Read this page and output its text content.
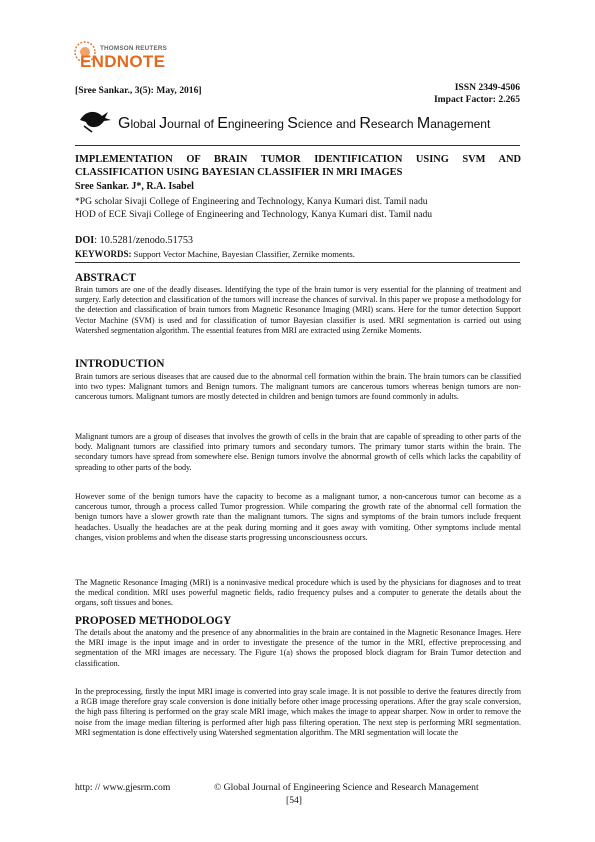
THOMSON REUTERS
ENDNOTE
[Sree Sankar., 3(5): May, 2016]	ISSN 2349-4506
Impact Factor: 2.265
Global Journal of Engineering Science and Research Management
IMPLEMENTATION OF BRAIN TUMOR IDENTIFICATION USING SVM AND CLASSIFICATION USING BAYESIAN CLASSIFIER IN MRI IMAGES
Sree Sankar. J*, R.A. Isabel
*PG scholar Sivaji College of Engineering and Technology, Kanya Kumari dist. Tamil nadu
HOD of ECE Sivaji College of Engineering and Technology, Kanya Kumari dist. Tamil nadu
DOI: 10.5281/zenodo.51753
KEYWORDS: Support Vector Machine, Bayesian Classifier, Zernike moments.
ABSTRACT

Brain tumors are one of the deadly diseases. Identifying the type of the brain tumor is very essential for the planning of treatment and surgery. Early detection and classification of the tumors will increase the chances of survival. In this paper we propose a methodology for the detection and classification of brain tumors from Magnetic Resonance Imaging (MRI) scans. Here for the tumor detection Support Vector Machine (SVM) is used and for classification of tumor Bayesian classifier is used. MRI segmentation is carried out using Watershed segmentation algorithm. The essential features from MRI are extracted using Zernike Moments.

INTRODUCTION

Brain tumors are serious diseases that are caused due to the abnormal cell formation within the brain. The brain tumors can be classified into two types: Malignant tumors and Benign tumors. The malignant tumors are cancerous tumors whereas benign tumors are non-cancerous tumors. Malignant tumors are mostly detected in children and benign tumors are found commonly in adults.

Malignant tumors are a group of diseases that involves the growth of cells in the brain that are capable of spreading to other parts of the body. Malignant tumors are classified into primary tumors and secondary tumors. The primary tumor starts within the brain. The secondary tumors have spread from somewhere else. Benign tumors involve the abnormal growth of cells which lacks the capability of spreading to other parts of the body.

However some of the benign tumors have the capacity to become as a malignant tumor, a non-cancerous tumor can become as a cancerous tumor, through a process called Tumor progression. While comparing the growth rate of the abnormal cell formation the benign tumors have a slower growth rate than the malignant tumors. The signs and symptoms of the brain tumors include frequent headaches. Usually the headaches are at the peak during morning and it goes away with vomiting. Other symptoms include mental changes, vision problems and when the disease starts progressing unconsciousness occurs.

The Magnetic Resonance Imaging (MRI) is a noninvasive medical procedure which is used by the physicians for diagnoses and to treat the medical condition. MRI uses powerful magnetic fields, radio frequency pulses and a computer to generate the details about the organs, soft tissues and bones.

PROPOSED METHODOLOGY

The details about the anatomy and the presence of any abnormalities in the brain are contained in the Magnetic Resonance Images. Here the MRI image is the input image and in order to investigate the presence of the tumor in the MRI, effective preprocessing and segmentation of the MRI images are necessary. The Figure 1(a) shows the proposed block diagram for Brain Tumor detection and classification.

In the preprocessing, firstly the input MRI image is converted into gray scale image. It is not possible to derive the features directly from a RGB image therefore gray scale conversion is done initially before other image processing operations. After the gray scale conversion, the high pass filtering is performed on the gray scale MRI image, which makes the image to appear sharper. Now in order to remove the noise from the image median filtering is performed after high pass filtering operation. The next step is performing MRI segmentation. MRI segmentation is done effectively using Watershed segmentation algorithm. The MRI segmentation will locate the

http: // www.gjesrm.com	© Global Journal of Engineering Science and Research Management
[54]
